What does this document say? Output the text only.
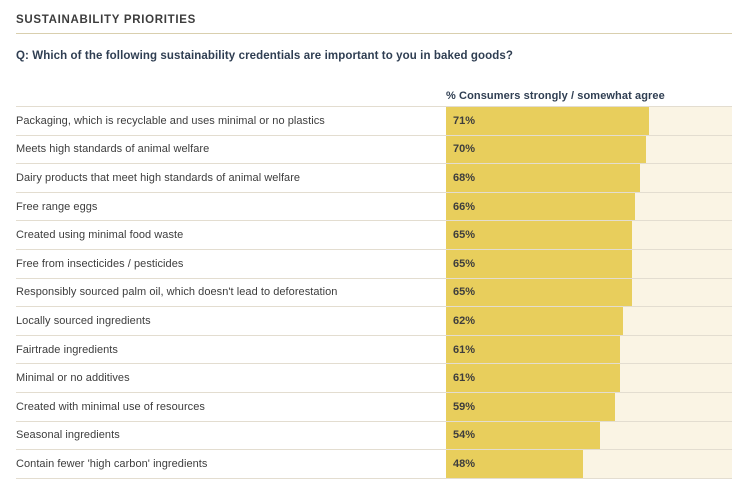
SUSTAINABILITY PRIORITIES
Q: Which of the following sustainability credentials are important to you in baked goods?
% Consumers strongly / somewhat agree
Packaging, which is recyclable and uses minimal or no plastics	71%
Meets high standards of animal welfare	70%
Dairy products that meet high standards of animal welfare	68%
Free range eggs	66%
Created using minimal food waste	65%
Free from insecticides / pesticides	65%
Responsibly sourced palm oil, which doesn't lead to deforestation	65%
Locally sourced ingredients	62%
Fairtrade ingredients	61%
Minimal or no additives	61%
Created with minimal use of resources	59%
Seasonal ingredients	54%
Contain fewer 'high carbon' ingredients	48%
